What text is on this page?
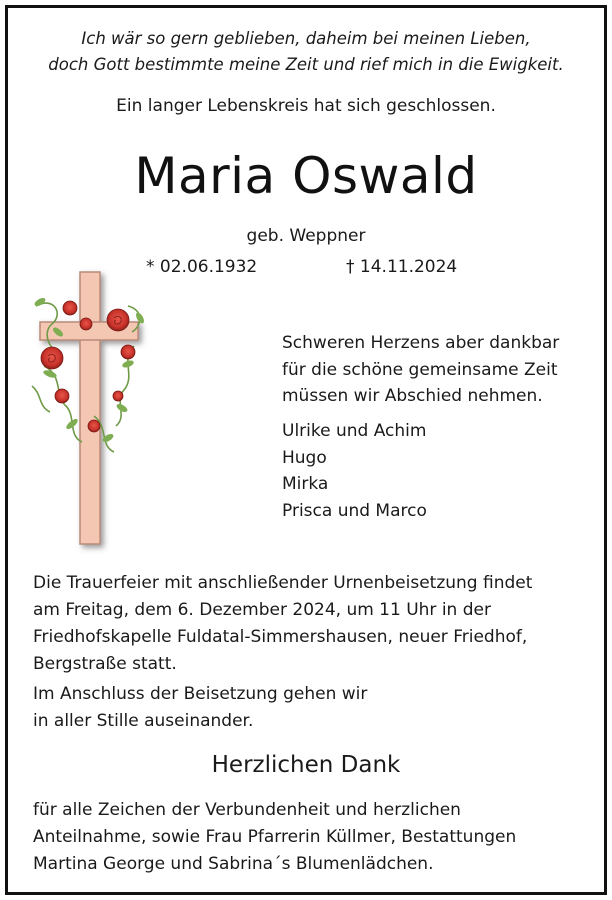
Ich wär so gern geblieben, daheim bei meinen Lieben,
doch Gott bestimmte meine Zeit und rief mich in die Ewigkeit.
Ein langer Lebenskreis hat sich geschlossen.
Maria Oswald
geb. Weppner
* 02.06.1932	† 14.11.2024
Schweren Herzens aber dankbar
für die schöne gemeinsame Zeit
müssen wir Abschied nehmen.
Ulrike und Achim
Hugo
Mirka
Prisca und Marco
Die Trauerfeier mit anschließender Urnenbeisetzung findet
am Freitag, dem 6. Dezember 2024, um 11 Uhr in der
Friedhofskapelle Fuldatal-Simmershausen, neuer Friedhof,
Bergstraße statt.
Im Anschluss der Beisetzung gehen wir
in aller Stille auseinander.
Herzlichen Dank
für alle Zeichen der Verbundenheit und herzlichen
Anteilnahme, sowie Frau Pfarrerin Küllmer, Bestattungen
Martina George und Sabrina´s Blumenlädchen.
